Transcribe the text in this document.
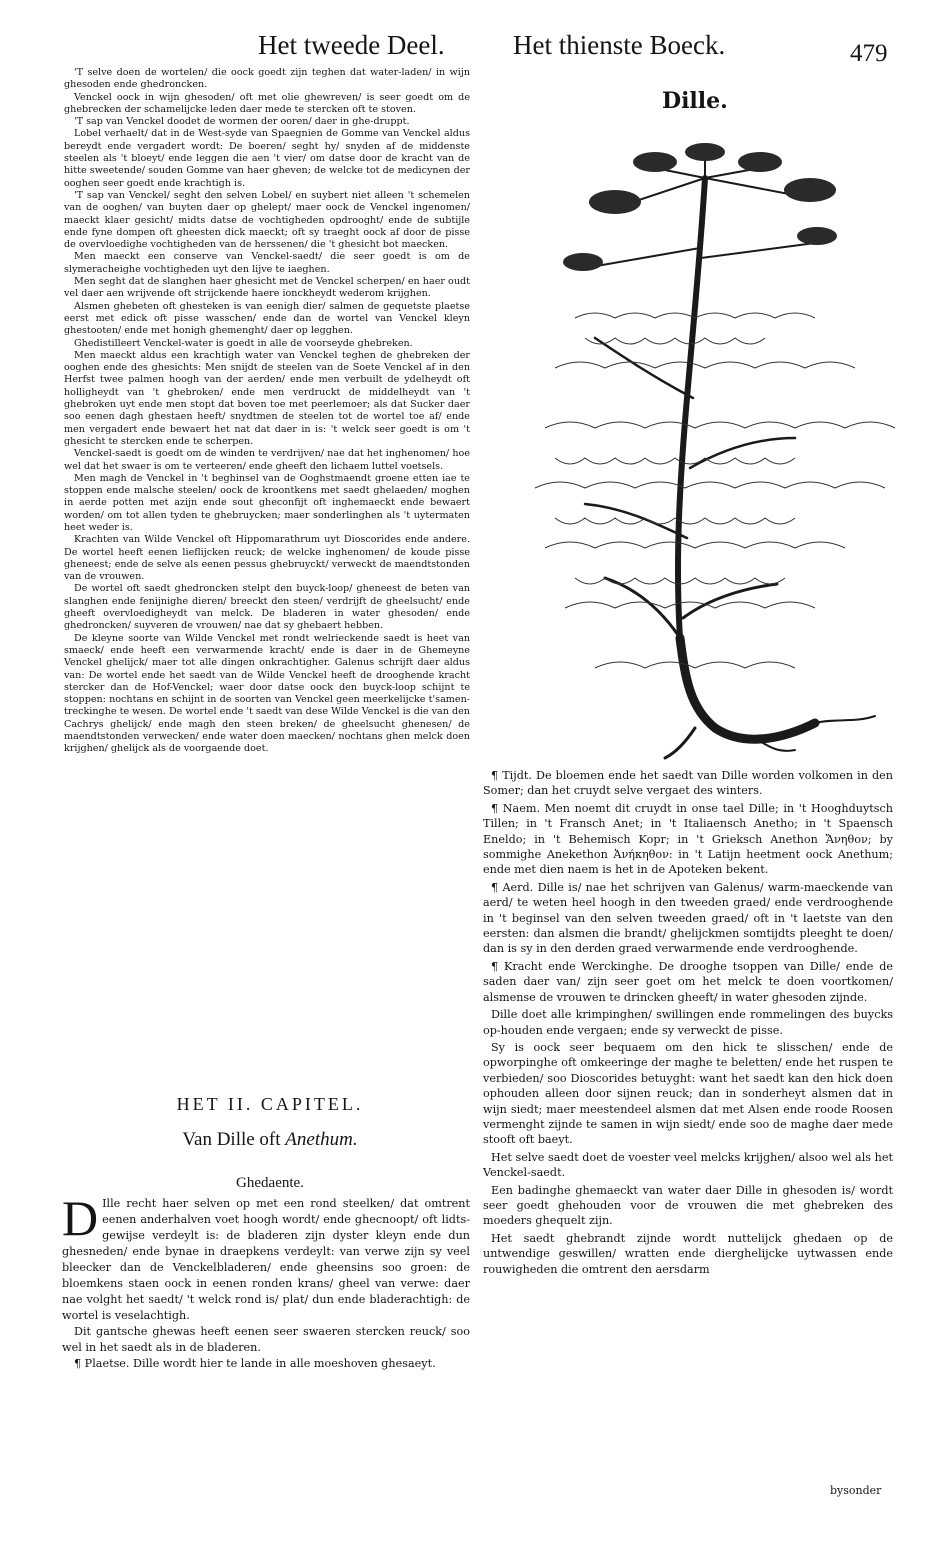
Het tweede Deel.	Het thienste Boeck.	479
Dille.

'T selve doen de wortelen/ die oock goedt zijn teghen dat water-laden/ in wijn ghesoden ende ghedroncken.

Venckel oock in wijn ghesoden/ oft met olie ghewreven/ is seer goedt om de ghebrecken der schamelijcke leden daer mede te stercken oft te stoven.

'T sap van Venckel doodet de wormen der ooren/ daer in ghe-druppt.

Lobel verhaelt/ dat in de West-syde van Spaegnien de Gomme van Venckel aldus bereydt ende vergadert wordt: De boeren/ seght hy/ snyden af de middenste steelen als 't bloeyt/ ende leggen die aen 't vier/ om datse door de kracht van de hitte sweetende/ souden Gomme van haer gheven; de welcke tot de medicynen der ooghen seer goedt ende krachtigh is.

'T sap van Venckel/ seght den selven Lobel/ en suybert niet alleen 't schemelen van de ooghen/ van buyten daer op ghelept/ maer oock de Venckel ingenomen/ maeckt klaer gesicht/ midts datse de vochtigheden opdrooght/ ende de subtijle ende fyne dompen oft gheesten dick maeckt; oft sy traeght oock af door de pisse de overvloedighe vochtigheden van de herssenen/ die 't ghesicht bot maecken.

Men maeckt een conserve van Venckel-saedt/ die seer goedt is om de slymeracheighe vochtigheden uyt den lijve te iaeghen.

Men seght dat de slanghen haer ghesicht met de Venckel scherpen/ en haer oudt vel daer aen wrijvende oft strijckende haere ionckheydt wederom krijghen.

Alsmen ghebeten oft ghesteken is van eenigh dier/ salmen de gequetste plaetse eerst met edick oft pisse wasschen/ ende dan de wortel van Venckel kleyn ghestooten/ ende met honigh ghemenght/ daer op legghen.

Ghedistilleert Venckel-water is goedt in alle de voorseyde ghebreken.

Men maeckt aldus een krachtigh water van Venckel teghen de ghebreken der ooghen ende des ghesichts: Men snijdt de steelen van de Soete Venckel af in den Herfst twee palmen hoogh van der aerden/ ende men verbuilt de ydelheydt oft holligheydt van 't ghebroken/ ende men verdruckt de middelheydt van 't ghebroken uyt ende men stopt dat boven toe met peerlemoer; als dat Sucker daer soo eenen dagh ghestaen heeft/ snydtmen de steelen tot de wortel toe af/ ende men vergadert ende bewaert het nat dat daer in is: 't welck seer goedt is om 't ghesicht te stercken ende te scherpen.

Venckel-saedt is goedt om de winden te verdrijven/ nae dat het inghenomen/ hoe wel dat het swaer is om te verteeren/ ende gheeft den lichaem luttel voetsels.

Men magh de Venckel in 't beghinsel van de Ooghstmaendt groene etten iae te stoppen ende malsche steelen/ oock de kroontkens met saedt ghelaeden/ moghen in aerde potten met azijn ende sout gheconfijt oft inghemaeckt ende bewaert worden/ om tot allen tyden te ghebruycken; maer sonderlinghen als 't uytermaten heet weder is.

Krachten van Wilde Venckel oft Hippomarathrum uyt Dioscorides ende andere. De wortel heeft eenen lieflijcken reuck; de welcke inghenomen/ de koude pisse gheneest; ende de selve als eenen pessus ghebruyckt/ verweckt de maendtstonden van de vrouwen.

De wortel oft saedt ghedroncken stelpt den buyck-loop/ gheneest de beten van slanghen ende fenijnighe dieren/ breeckt den steen/ verdrijft de gheelsucht/ ende gheeft overvloedigheydt van melck. De bladeren in water ghesoden/ ende ghedroncken/ suyveren de vrouwen/ nae dat sy ghebaert hebben.

De kleyne soorte van Wilde Venckel met rondt welrieckende saedt is heet van smaeck/ ende heeft een verwarmende kracht/ ende is daer in de Ghemeyne Venckel ghelijck/ maer tot alle dingen onkrachtigher. Galenus schrijft daer aldus van: De wortel ende het saedt van de Wilde Venckel heeft de drooghende kracht stercker dan de Hof-Venckel; waer door datse oock den buyck-loop schijnt te stoppen: nochtans en schijnt in de soorten van Venckel geen meerkelijcke t'samen-treckinghe te wesen. De wortel ende 't saedt van dese Wilde Venckel is die van den Cachrys ghelijck/ ende magh den steen breken/ de gheelsucht ghenesen/ de maendtstonden verwecken/ ende water doen maecken/ nochtans ghen melck doen krijghen/ ghelijck als de voorgaende doet.

HET II. CAPITEL.
Van Dille oft Anethum.
Ghedaente.

D Ille recht haer selven op met een rond steelken/ dat omtrent eenen anderhalven voet hoogh wordt/ ende ghecnoopt/ oft lidts-gewijse verdeylt is: de bladeren zijn dyster kleyn ende dun ghesneden/ ende bynae in draepkens verdeylt: van verwe zijn sy veel bleecker dan de Venckelbladeren/ ende gheensins soo groen: de bloemkens staen oock in eenen ronden krans/ gheel van verwe: daer nae volght het saedt/ 't welck rond is/ plat/ dun ende bladerachtigh: de wortel is veselachtigh.

Dit gantsche ghewas heeft eenen seer swaeren stercken reuck/ soo wel in het saedt als in de bladeren.

¶ Plaetse. Dille wordt hier te lande in alle moeshoven ghesaeyt.

¶ Tijdt. De bloemen ende het saedt van Dille worden volkomen in den Somer; dan het cruydt selve vergaet des winters.

¶ Naem. Men noemt dit cruydt in onse tael Dille; in 't Hooghduytsch Tillen; in 't Fransch Anet; in 't Italiaensch Anetho; in 't Spaensch Eneldo; in 't Behemisch Kopr; in 't Grieksch Anethon Ἄνηθον; by sommighe Anekethon Ἀνήκηθον: in 't Latijn heetment oock Anethum; ende met dien naem is het in de Apoteken bekent.

¶ Aerd. Dille is/ nae het schrijven van Galenus/ warm-maeckende van aerd/ te weten heel hoogh in den tweeden graed/ ende verdrooghende in 't beginsel van den selven tweeden graed/ oft in 't laetste van den eersten: dan alsmen die brandt/ ghelijckmen somtijdts pleeght te doen/ dan is sy in den derden graed verwarmende ende verdrooghende.

¶ Kracht ende Werckinghe. De drooghe tsoppen van Dille/ ende de saden daer van/ zijn seer goet om het melck te doen voortkomen/ alsmense de vrouwen te drincken gheeft/ in water ghesoden zijnde.

Dille doet alle krimpinghen/ swillingen ende rommelingen des buycks op-houden ende vergaen; ende sy verweckt de pisse.

Sy is oock seer bequaem om den hick te slisschen/ ende de opworpinghe oft omkeeringe der maghe te beletten/ ende het ruspen te verbieden/ soo Dioscorides betuyght: want het saedt kan den hick doen ophouden alleen door sijnen reuck; dan in sonderheyt alsmen dat in wijn siedt; maer meestendeel alsmen dat met Alsen ende roode Roosen vermenght zijnde te samen in wijn siedt/ ende soo de maghe daer mede stooft oft baeyt.

Het selve saedt doet de voester veel melcks krijghen/ alsoo wel als het Venckel-saedt.

Een badinghe ghemaeckt van water daer Dille in ghesoden is/ wordt seer goedt ghehouden voor de vrouwen die met ghebreken des moeders ghequelt zijn.

Het saedt ghebrandt zijnde wordt nuttelijck ghedaen op de untwendige geswillen/ wratten ende dierghelijcke uytwassen ende rouwigheden die omtrent den aersdarm

bysonder
